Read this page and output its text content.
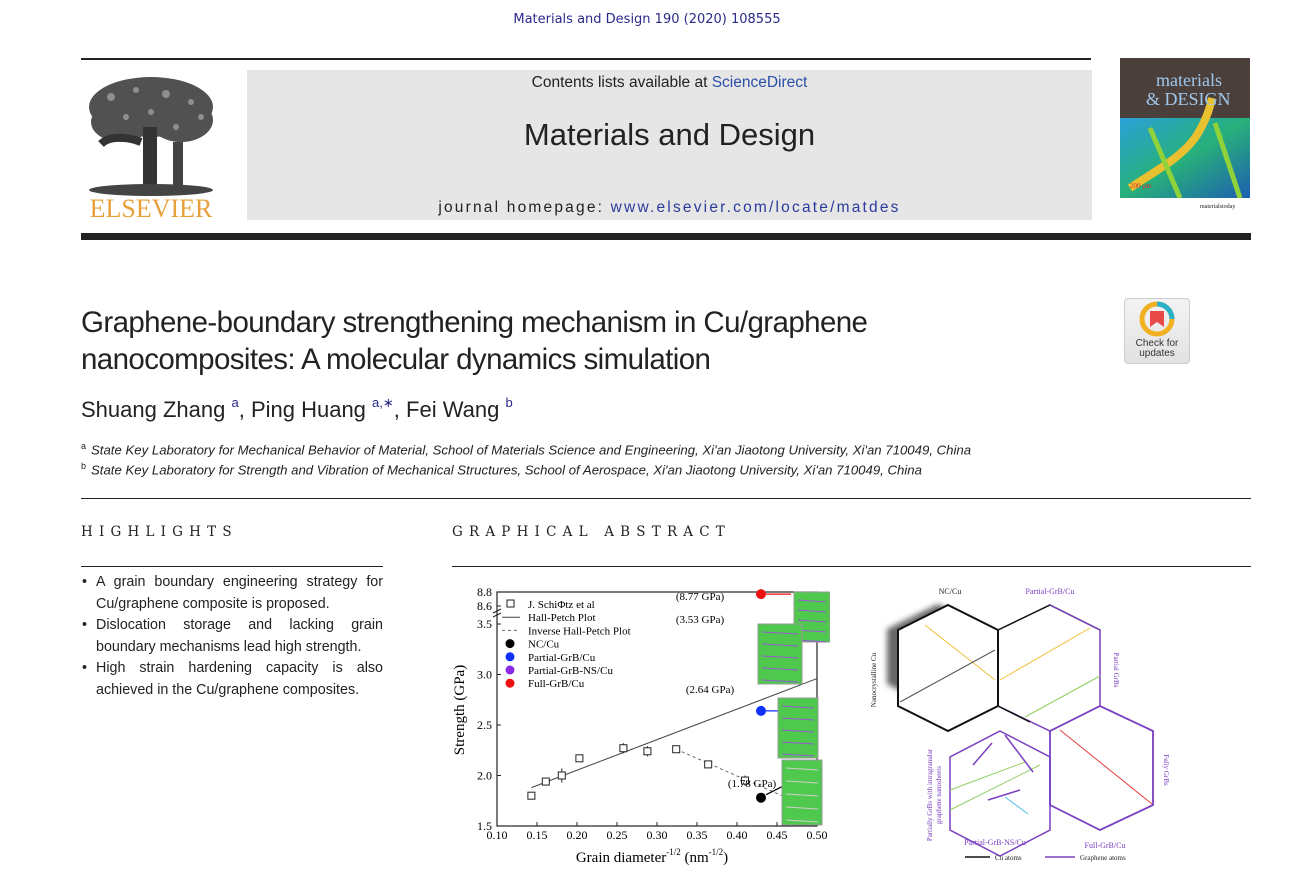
Materials and Design 190 (2020) 108555
ELSEVIER
Contents lists available at ScienceDirect
Materials and Design
journal homepage: www.elsevier.com/locate/matdes
materials
& DESIGN
200 μm
materialstoday
Graphene-boundary strengthening mechanism in Cu/graphene
nanocomposites: A molecular dynamics simulation	Check for
updates
Shuang Zhang $^a$, Ping Huang $^{a,∗}$, Fei Wang $^b$
$^a$ State Key Laboratory for Mechanical Behavior of Material, School of Materials Science and Engineering, Xi'an Jiaotong University, Xi'an 710049, China
$^b$ State Key Laboratory for Strength and Vibration of Mechanical Structures, School of Aerospace, Xi'an Jiaotong University, Xi'an 710049, China
HIGHLIGHTS	GRAPHICAL ABSTRACT
• A grain boundary engineering strategy for Cu/graphene composite is proposed.
• Dislocation storage and lacking grain boundary mechanisms lead high strength.
• High strain hardening capacity is also achieved in the Cu/graphene composites.
0.10 0.15 0.20 0.25 0.30 0.35 0.40 0.45 0.50
1.5
2.0
2.5
3.0
3.5
8.6
8.8
(1.78 GPa)
(2.64 GPa)
(3.53 GPa)
(8.77 GPa)
J. SchiΦtz et al
Hall-Petch Plot
Inverse Hall-Petch Plot
NC/Cu
Partial-GrB/Cu
Partial-GrB-NS/Cu
Full-GrB/Cu
Strength (GPa)
Grain diameter$^{-1/2}$ $(nm^{-1/2})$
NC/Cu	Partial-GrB/Cu
Partial-GrB-NS/Cu	Full-GrB/Cu
Nanocrystalline Cu	Partial GrBs
Fully GrBs
Partially GrBs with intragranular graphene nanosheets
Cu atoms	Graphene atoms
